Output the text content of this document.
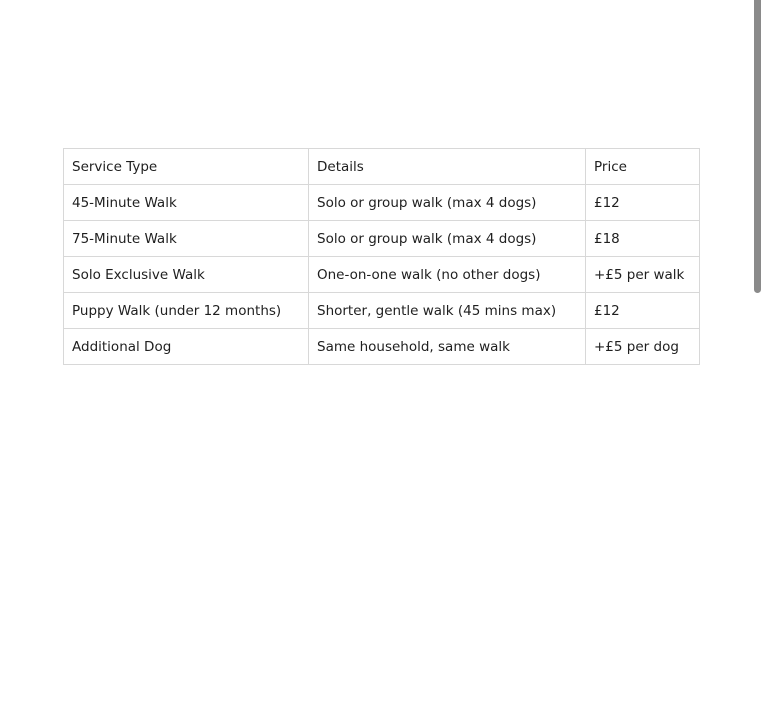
Service Type	Details	Price
45-Minute Walk	Solo or group walk (max 4 dogs)	£12
75-Minute Walk	Solo or group walk (max 4 dogs)	£18
Solo Exclusive Walk	One-on-one walk (no other dogs)	+£5 per walk
Puppy Walk (under 12 months)	Shorter, gentle walk (45 mins max)	£12
Additional Dog	Same household, same walk	+£5 per dog
